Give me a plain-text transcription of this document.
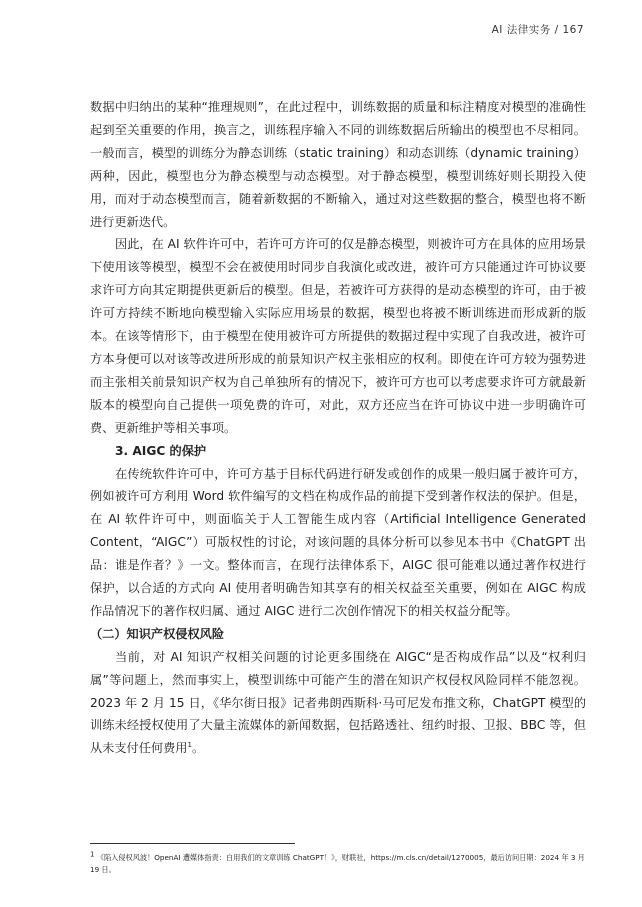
AI 法律实务 / 167

数据中归纳出的某种“推理规则”，在此过程中，训练数据的质量和标注精度对模型的准确性起到至关重要的作用，换言之，训练程序输入不同的训练数据后所输出的模型也不尽相同。一般而言，模型的训练分为静态训练（static training）和动态训练（dynamic training）两种，因此，模型也分为静态模型与动态模型。对于静态模型，模型训练好则长期投入使用，而对于动态模型而言，随着新数据的不断输入，通过对这些数据的整合，模型也将不断进行更新迭代。

因此，在 AI 软件许可中，若许可方许可的仅是静态模型，则被许可方在具体的应用场景下使用该等模型，模型不会在被使用时同步自我演化或改进，被许可方只能通过许可协议要求许可方向其定期提供更新后的模型。但是，若被许可方获得的是动态模型的许可，由于被许可方持续不断地向模型输入实际应用场景的数据，模型也将被不断训练进而形成新的版本。在该等情形下，由于模型在使用被许可方所提供的数据过程中实现了自我改进，被许可方本身便可以对该等改进所形成的前景知识产权主张相应的权利。即使在许可方较为强势进而主张相关前景知识产权为自己单独所有的情况下，被许可方也可以考虑要求许可方就最新版本的模型向自己提供一项免费的许可，对此，双方还应当在许可协议中进一步明确许可费、更新维护等相关事项。

3. AIGC 的保护

在传统软件许可中，许可方基于目标代码进行研发或创作的成果一般归属于被许可方，例如被许可方利用 Word 软件编写的文档在构成作品的前提下受到著作权法的保护。但是，在 AI 软件许可中，则面临关于人工智能生成内容（Artificial Intelligence Generated Content，“AIGC”）可版权性的讨论，对该问题的具体分析可以参见本书中《ChatGPT 出品：谁是作者？》一文。整体而言，在现行法律体系下，AIGC 很可能难以通过著作权进行保护，以合适的方式向 AI 使用者明确告知其享有的相关权益至关重要，例如在 AIGC 构成作品情况下的著作权归属、通过 AIGC 进行二次创作情况下的相关权益分配等。

（二）知识产权侵权风险

当前，对 AI 知识产权相关问题的讨论更多围绕在 AIGC“是否构成作品”以及“权利归属”等问题上，然而事实上，模型训练中可能产生的潜在知识产权侵权风险同样不能忽视。2023 年 2 月 15 日，《华尔街日报》记者弗朗西斯科·马可尼发布推文称，ChatGPT 模型的训练未经授权使用了大量主流媒体的新闻数据，包括路透社、纽约时报、卫报、BBC 等，但从未支付任何费用$^1$。

$^1$ 《陷入侵权风波！OpenAI 遭媒体指责：白用我们的文章训练 ChatGPT！》，财联社，https://m.cls.cn/detail/1270005，最后访问日期：2024 年 3 月 19 日。
